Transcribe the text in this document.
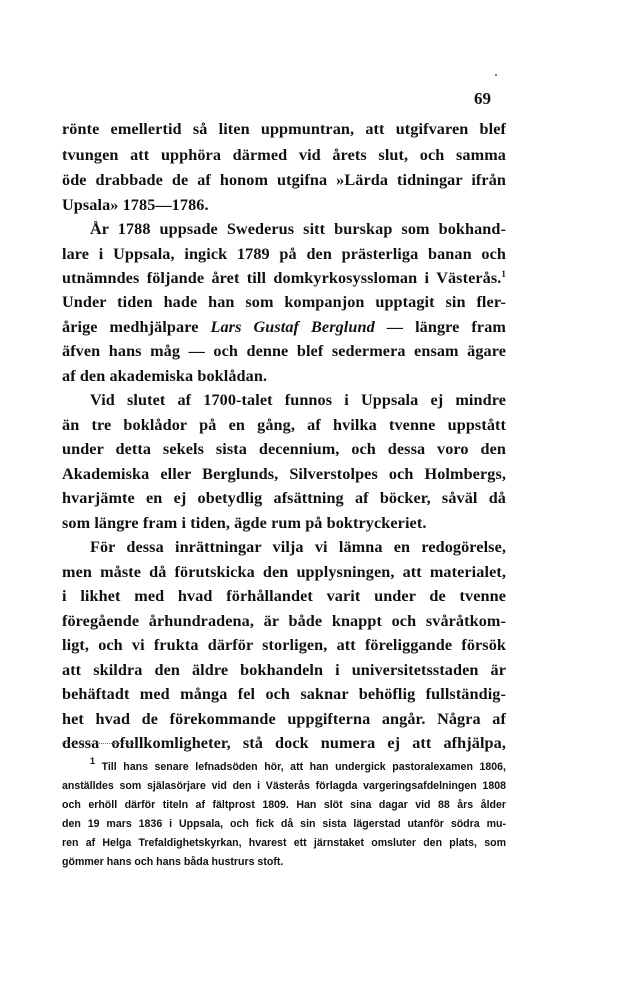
69
rönte emellertid så liten uppmuntran, att utgifvaren blef
tvungen att upphöra därmed vid årets slut, och samma
öde drabbade de af honom utgifna »Lärda tidningar ifrån
Upsala» 1785—1786.
År 1788 uppsade Swederus sitt burskap som bokhand-
lare i Uppsala, ingick 1789 på den prästerliga banan och
utnämndes följande året till domkyrkosyssloman i Västerås.$^1$
Under tiden hade han som kompanjon upptagit sin fler-
årige medhjälpare Lars Gustaf Berglund — längre fram
äfven hans måg — och denne blef sedermera ensam ägare
af den akademiska boklådan.
Vid slutet af 1700-talet funnos i Uppsala ej mindre
än tre boklådor på en gång, af hvilka tvenne uppstått
under detta sekels sista decennium, och dessa voro den
Akademiska eller Berglunds, Silverstolpes och Holmbergs,
hvarjämte en ej obetydlig afsättning af böcker, såväl då
som längre fram i tiden, ägde rum på boktryckeriet.
För dessa inrättningar vilja vi lämna en redogörelse,
men måste då förutskicka den upplysningen, att materialet,
i likhet med hvad förhållandet varit under de tvenne
föregående århundradena, är både knappt och svåråtkom-
ligt, och vi frukta därför storligen, att föreliggande försök
att skildra den äldre bokhandeln i universitetsstaden är
behäftadt med många fel och saknar behöflig fullständig-
het hvad de förekommande uppgifterna angår. Några af
dessa ofullkomligheter, stå dock numera ej att afhjälpa,
$^1$ Till hans senare lefnadsöden hör, att han undergick pastoralexamen 1806,
anställdes som själasörjare vid den i Västerås förlagda vargeringsafdelningen 1808
och erhöll därför titeln af fältprost 1809. Han slöt sina dagar vid 88 års ålder
den 19 mars 1836 i Uppsala, och fick då sin sista lägerstad utanför södra mu-
ren af Helga Trefaldighetskyrkan, hvarest ett järnstaket omsluter den plats, som
gömmer hans och hans båda hustrurs stoft.
